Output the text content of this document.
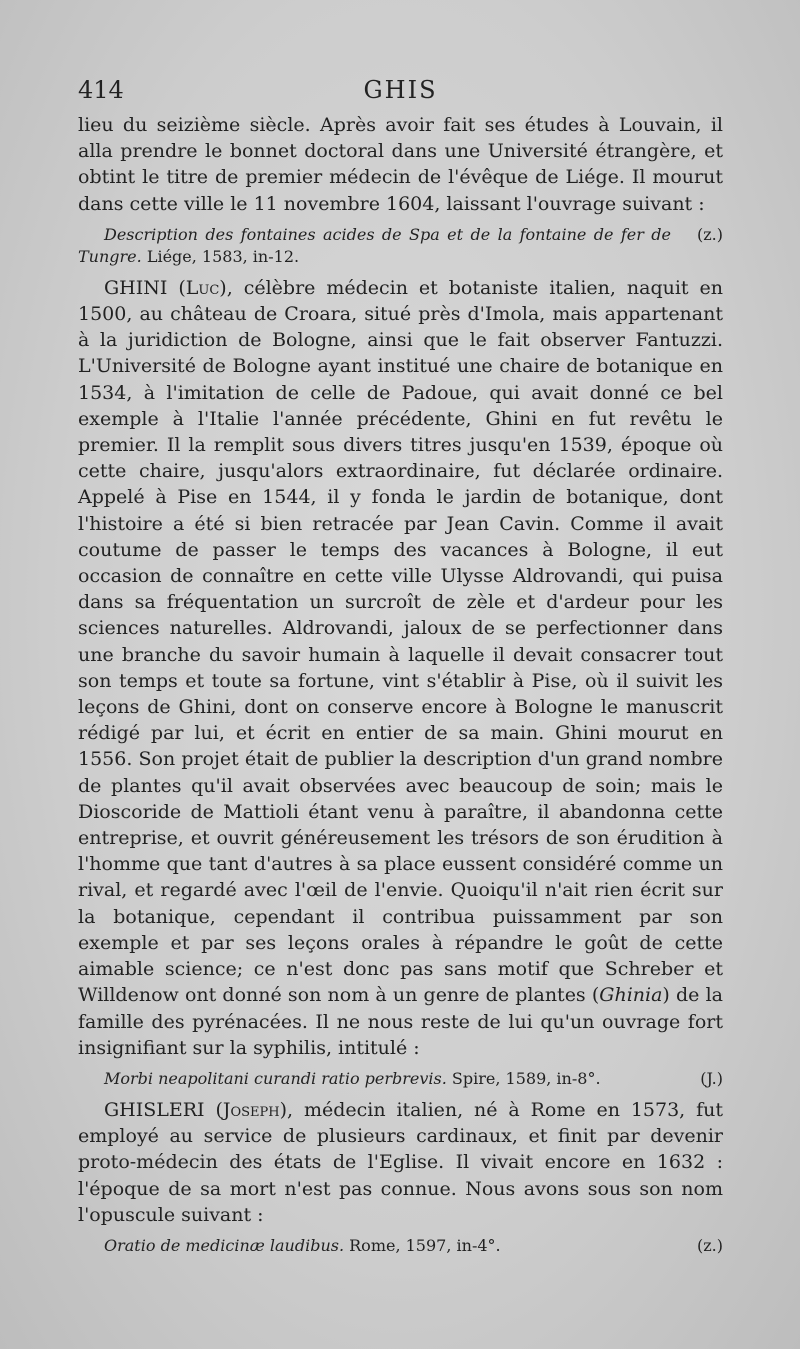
414	GHIS

lieu du seizième siècle. Après avoir fait ses études à Louvain, il alla prendre le bonnet doctoral dans une Université étrangère, et obtint le titre de premier médecin de l'évêque de Liége. Il mourut dans cette ville le 11 novembre 1604, laissant l'ouvrage suivant :

(z.)
Description des fontaines acides de Spa et de la fontaine de fer de Tungre. Liége, 1583, in-12.

GHINI (Luc), célèbre médecin et botaniste italien, naquit en 1500, au château de Croara, situé près d'Imola, mais appartenant à la juridiction de Bologne, ainsi que le fait observer Fantuzzi. L'Université de Bologne ayant institué une chaire de botanique en 1534, à l'imitation de celle de Padoue, qui avait donné ce bel exemple à l'Italie l'année précédente, Ghini en fut revêtu le premier. Il la remplit sous divers titres jusqu'en 1539, époque où cette chaire, jusqu'alors extraordinaire, fut déclarée ordinaire. Appelé à Pise en 1544, il y fonda le jardin de botanique, dont l'histoire a été si bien retracée par Jean Cavin. Comme il avait coutume de passer le temps des vacances à Bologne, il eut occasion de connaître en cette ville Ulysse Aldrovandi, qui puisa dans sa fréquentation un surcroît de zèle et d'ardeur pour les sciences naturelles. Aldrovandi, jaloux de se perfectionner dans une branche du savoir humain à laquelle il devait consacrer tout son temps et toute sa fortune, vint s'établir à Pise, où il suivit les leçons de Ghini, dont on conserve encore à Bologne le manuscrit rédigé par lui, et écrit en entier de sa main. Ghini mourut en 1556. Son projet était de publier la description d'un grand nombre de plantes qu'il avait observées avec beaucoup de soin; mais le Dioscoride de Mattioli étant venu à paraître, il abandonna cette entreprise, et ouvrit généreusement les trésors de son érudition à l'homme que tant d'autres à sa place eussent considéré comme un rival, et regardé avec l'œil de l'envie. Quoiqu'il n'ait rien écrit sur la botanique, cependant il contribua puissamment par son exemple et par ses leçons orales à répandre le goût de cette aimable science; ce n'est donc pas sans motif que Schreber et Willdenow ont donné son nom à un genre de plantes (Ghinia) de la famille des pyrénacées. Il ne nous reste de lui qu'un ouvrage fort insignifiant sur la syphilis, intitulé :

(J.)
Morbi neapolitani curandi ratio perbrevis. Spire, 1589, in-8°.

GHISLERI (Joseph), médecin italien, né à Rome en 1573, fut employé au service de plusieurs cardinaux, et finit par devenir proto-médecin des états de l'Eglise. Il vivait encore en 1632 : l'époque de sa mort n'est pas connue. Nous avons sous son nom l'opuscule suivant :

(z.)
Oratio de medicinæ laudibus. Rome, 1597, in-4°.
